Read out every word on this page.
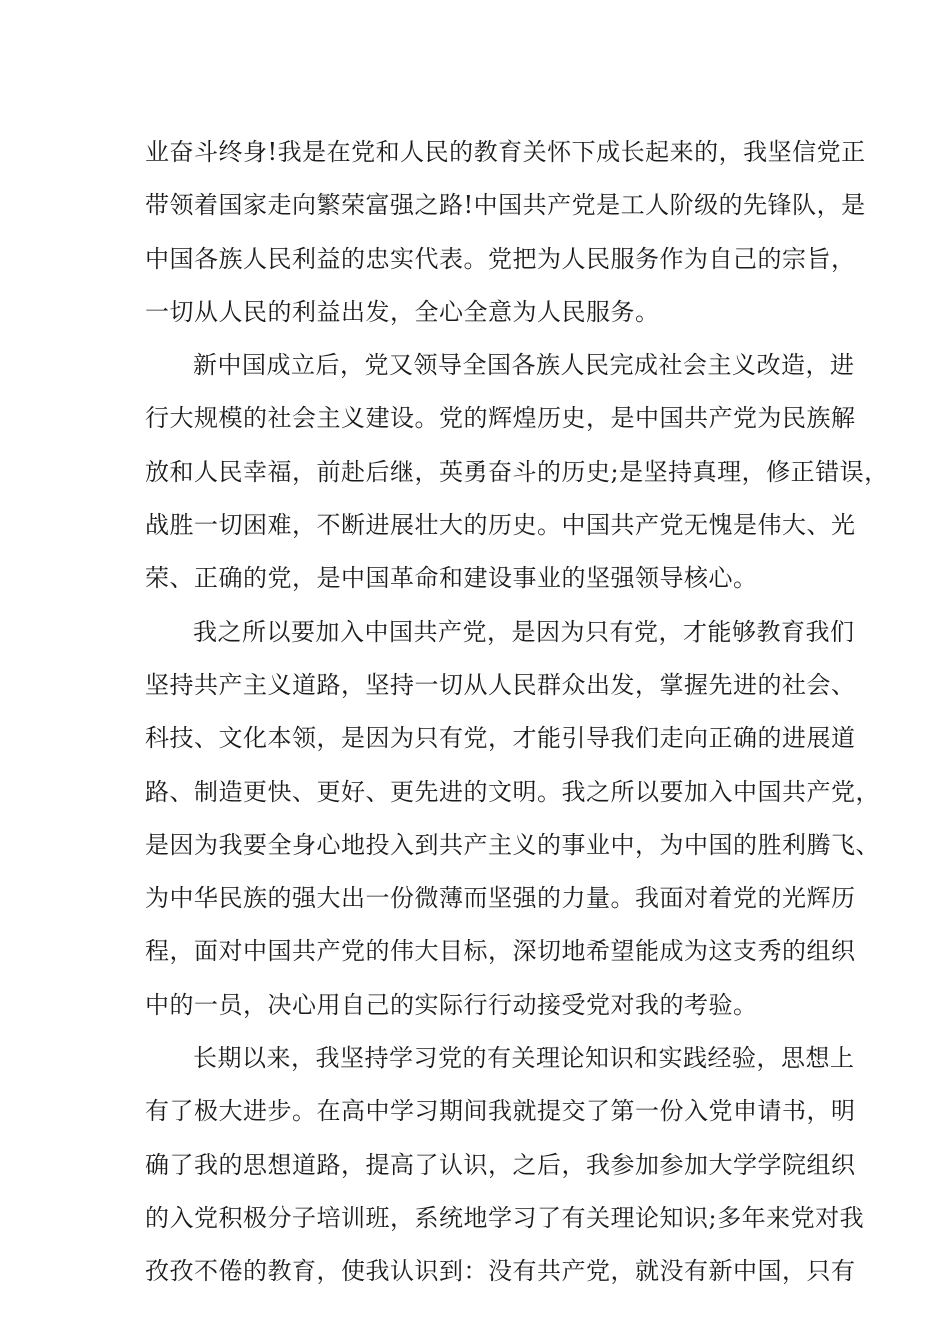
业奋斗终身!我是在党和人民的教育关怀下成长起来的，我坚信党正
带领着国家走向繁荣富强之路!中国共产党是工人阶级的先锋队，是
中国各族人民利益的忠实代表。党把为人民服务作为自己的宗旨，
一切从人民的利益出发，全心全意为人民服务。
新中国成立后，党又领导全国各族人民完成社会主义改造，进
行大规模的社会主义建设。党的辉煌历史，是中国共产党为民族解
放和人民幸福，前赴后继，英勇奋斗的历史;是坚持真理，修正错误，
战胜一切困难，不断进展壮大的历史。中国共产党无愧是伟大、光
荣、正确的党，是中国革命和建设事业的坚强领导核心。
我之所以要加入中国共产党，是因为只有党，才能够教育我们
坚持共产主义道路，坚持一切从人民群众出发，掌握先进的社会、
科技、文化本领，是因为只有党，才能引导我们走向正确的进展道
路、制造更快、更好、更先进的文明。我之所以要加入中国共产党，
是因为我要全身心地投入到共产主义的事业中，为中国的胜利腾飞、
为中华民族的强大出一份微薄而坚强的力量。我面对着党的光辉历
程，面对中国共产党的伟大目标，深切地希望能成为这支秀的组织
中的一员，决心用自己的实际行行动接受党对我的考验。
长期以来，我坚持学习党的有关理论知识和实践经验，思想上
有了极大进步。在高中学习期间我就提交了第一份入党申请书，明
确了我的思想道路，提高了认识，之后，我参加参加大学学院组织
的入党积极分子培训班，系统地学习了有关理论知识;多年来党对我
孜孜不倦的教育，使我认识到：没有共产党，就没有新中国，只有
